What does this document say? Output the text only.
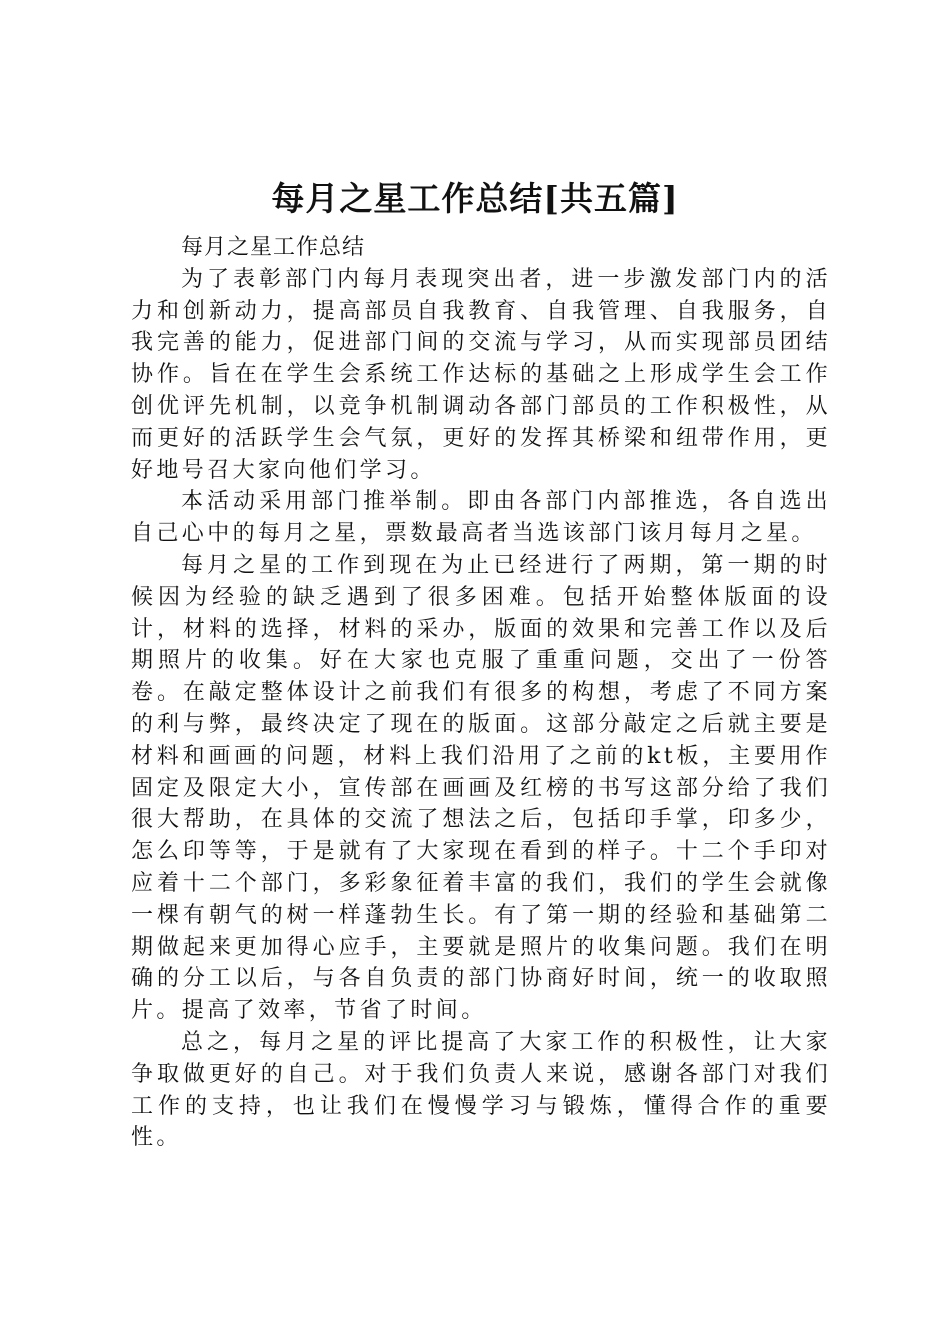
每月之星工作总结[共五篇]

每月之星工作总结

为了表彰部门内每月表现突出者，进一步激发部门内的活力和创新动力，提高部员自我教育、自我管理、自我服务，自我完善的能力，促进部门间的交流与学习，从而实现部员团结协作。旨在在学生会系统工作达标的基础之上形成学生会工作创优评先机制，以竞争机制调动各部门部员的工作积极性，从而更好的活跃学生会气氛，更好的发挥其桥梁和纽带作用，更好地号召大家向他们学习。

本活动采用部门推举制。即由各部门内部推选，各自选出自己心中的每月之星，票数最高者当选该部门该月每月之星。

每月之星的工作到现在为止已经进行了两期，第一期的时候因为经验的缺乏遇到了很多困难。包括开始整体版面的设计，材料的选择，材料的采办，版面的效果和完善工作以及后期照片的收集。好在大家也克服了重重问题，交出了一份答卷。在敲定整体设计之前我们有很多的构想，考虑了不同方案的利与弊，最终决定了现在的版面。这部分敲定之后就主要是材料和画画的问题，材料上我们沿用了之前的kt板，主要用作固定及限定大小，宣传部在画画及红榜的书写这部分给了我们很大帮助，在具体的交流了想法之后，包括印手掌，印多少，怎么印等等，于是就有了大家现在看到的样子。十二个手印对应着十二个部门，多彩象征着丰富的我们，我们的学生会就像一棵有朝气的树一样蓬勃生长。有了第一期的经验和基础第二期做起来更加得心应手，主要就是照片的收集问题。我们在明确的分工以后，与各自负责的部门协商好时间，统一的收取照片。提高了效率，节省了时间。

总之，每月之星的评比提高了大家工作的积极性，让大家争取做更好的自己。对于我们负责人来说，感谢各部门对我们工作的支持，也让我们在慢慢学习与锻炼，懂得合作的重要性。
